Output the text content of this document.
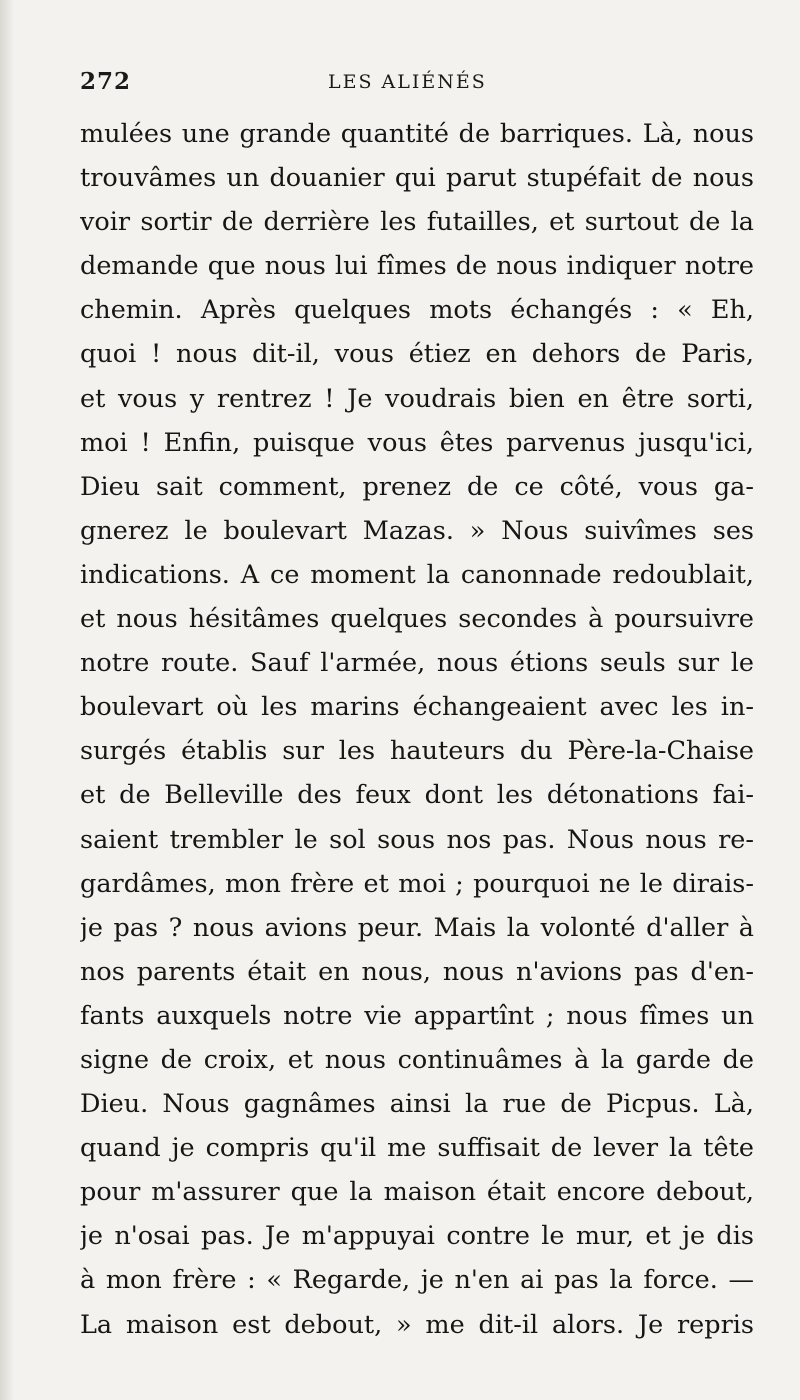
272	LES ALIÉNÉS
mulées une grande quantité de barriques. Là, nous
trouvâmes un douanier qui parut stupéfait de nous
voir sortir de derrière les futailles, et surtout de la
demande que nous lui fîmes de nous indiquer notre
chemin. Après quelques mots échangés : « Eh,
quoi ! nous dit-il, vous étiez en dehors de Paris,
et vous y rentrez ! Je voudrais bien en être sorti,
moi ! Enfin, puisque vous êtes parvenus jusqu'ici,
Dieu sait comment, prenez de ce côté, vous ga-
gnerez le boulevart Mazas. » Nous suivîmes ses
indications. A ce moment la canonnade redoublait,
et nous hésitâmes quelques secondes à poursuivre
notre route. Sauf l'armée, nous étions seuls sur le
boulevart où les marins échangeaient avec les in-
surgés établis sur les hauteurs du Père-la-Chaise
et de Belleville des feux dont les détonations fai-
saient trembler le sol sous nos pas. Nous nous re-
gardâmes, mon frère et moi ; pourquoi ne le dirais-
je pas ? nous avions peur. Mais la volonté d'aller à
nos parents était en nous, nous n'avions pas d'en-
fants auxquels notre vie appartînt ; nous fîmes un
signe de croix, et nous continuâmes à la garde de
Dieu. Nous gagnâmes ainsi la rue de Picpus. Là,
quand je compris qu'il me suffisait de lever la tête
pour m'assurer que la maison était encore debout,
je n'osai pas. Je m'appuyai contre le mur, et je dis
à mon frère : « Regarde, je n'en ai pas la force. —
La maison est debout, » me dit-il alors. Je repris
